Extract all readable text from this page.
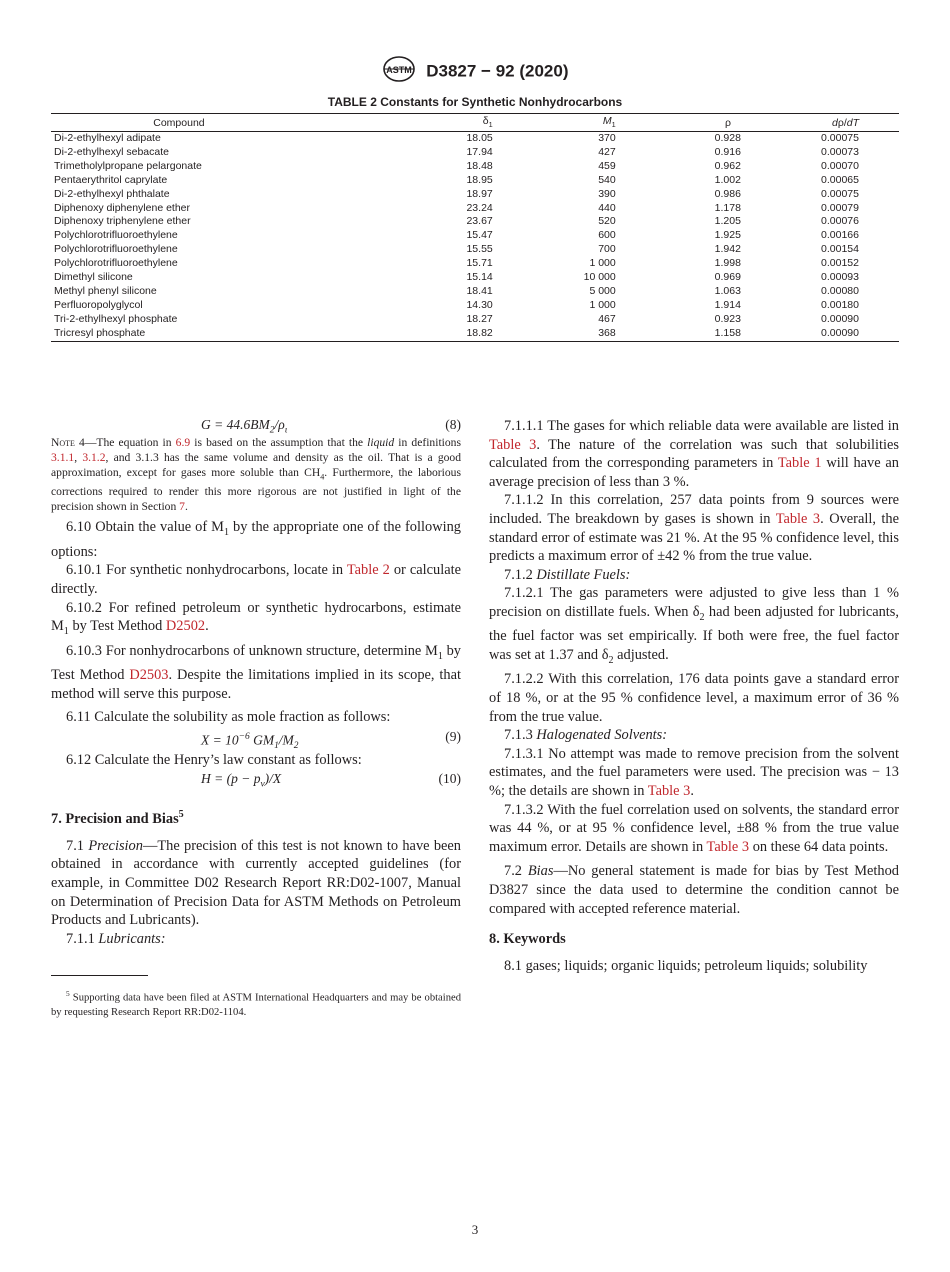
ASTM D3827 − 92 (2020)
TABLE 2 Constants for Synthetic Nonhydrocarbons
Compound	$\delta_1$	$M_1$	ρ	dρ/dT
Di-2-ethylhexyl adipate	18.05	370	0.928	0.00075
Di-2-ethylhexyl sebacate	17.94	427	0.916	0.00073
Trimetholylpropane pelargonate	18.48	459	0.962	0.00070
Pentaerythritol caprylate	18.95	540	1.002	0.00065
Di-2-ethylhexyl phthalate	18.97	390	0.986	0.00075
Diphenoxy diphenylene ether	23.24	440	1.178	0.00079
Diphenoxy triphenylene ether	23.67	520	1.205	0.00076
Polychlorotrifluoroethylene	15.47	600	1.925	0.00166
Polychlorotrifluoroethylene	15.55	700	1.942	0.00154
Polychlorotrifluoroethylene	15.71	1 000	1.998	0.00152
Dimethyl silicone	15.14	10 000	0.969	0.00093
Methyl phenyl silicone	18.41	5 000	1.063	0.00080
Perfluoropolyglycol	14.30	1 000	1.914	0.00180
Tri-2-ethylhexyl phosphate	18.27	467	0.923	0.00090
Tricresyl phosphate	18.82	368	1.158	0.00090
$G = 44.6BM_2/\rho_\iota$	(8)
Note 4—The equation in 6.9 is based on the assumption that the liquid in definitions 3.1.1, 3.1.2, and 3.1.3 has the same volume and density as the oil. That is a good approximation, except for gases more soluble than $CH_4$. Furthermore, the laborious corrections required to render this more rigorous are not justified in light of the precision shown in Section 7.

6.10 Obtain the value of $M_1$ by the appropriate one of the following options:

6.10.1 For synthetic nonhydrocarbons, locate in Table 2 or calculate directly.

6.10.2 For refined petroleum or synthetic hydrocarbons, estimate $M_1$ by Test Method D2502.

6.10.3 For nonhydrocarbons of unknown structure, determine $M_1$ by Test Method D2503. Despite the limitations implied in its scope, that method will serve this purpose.

6.11 Calculate the solubility as mole fraction as follows:

$X = 10^{-6}$ $GM_1/M_2$
(9)

6.12 Calculate the Henry’s law constant as follows:

$H = (p - p_v)/X$	(10)
7. Precision and Bias$^5$

7.1 Precision—The precision of this test is not known to have been obtained in accordance with currently accepted guidelines (for example, in Committee D02 Research Report RR:D02-1007, Manual on Determination of Precision Data for ASTM Methods on Petroleum Products and Lubricants).

7.1.1 Lubricants:

$^5$ Supporting data have been filed at ASTM International Headquarters and may be obtained by requesting Research Report RR:D02-1104.

7.1.1.1 The gases for which reliable data were available are listed in Table 3. The nature of the correlation was such that solubilities calculated from the corresponding parameters in Table 1 will have an average precision of less than 3 %.

7.1.1.2 In this correlation, 257 data points from 9 sources were included. The breakdown by gases is shown in Table 3. Overall, the standard error of estimate was 21 %. At the 95 % confidence level, this predicts a maximum error of ±42 % from the true value.

7.1.2 Distillate Fuels:

7.1.2.1 The gas parameters were adjusted to give less than 1 % precision on distillate fuels. When $\delta_2$ had been adjusted for lubricants, the fuel factor was set empirically. If both were free, the fuel factor was set at 1.37 and $\delta_2$ adjusted.

7.1.2.2 With this correlation, 176 data points gave a standard error of 18 %, or at the 95 % confidence level, a maximum error of 36 % from the true value.

7.1.3 Halogenated Solvents:

7.1.3.1 No attempt was made to remove precision from the solvent estimates, and the fuel parameters were used. The precision was − 13 %; the details are shown in Table 3.

7.1.3.2 With the fuel correlation used on solvents, the standard error was 44 %, or at 95 % confidence level, ±88 % from the true value maximum error. Details are shown in Table 3 on these 64 data points.

7.2 Bias—No general statement is made for bias by Test Method D3827 since the data used to determine the condition cannot be compared with accepted reference material.

8. Keywords

8.1 gases; liquids; organic liquids; petroleum liquids; solubility

3
